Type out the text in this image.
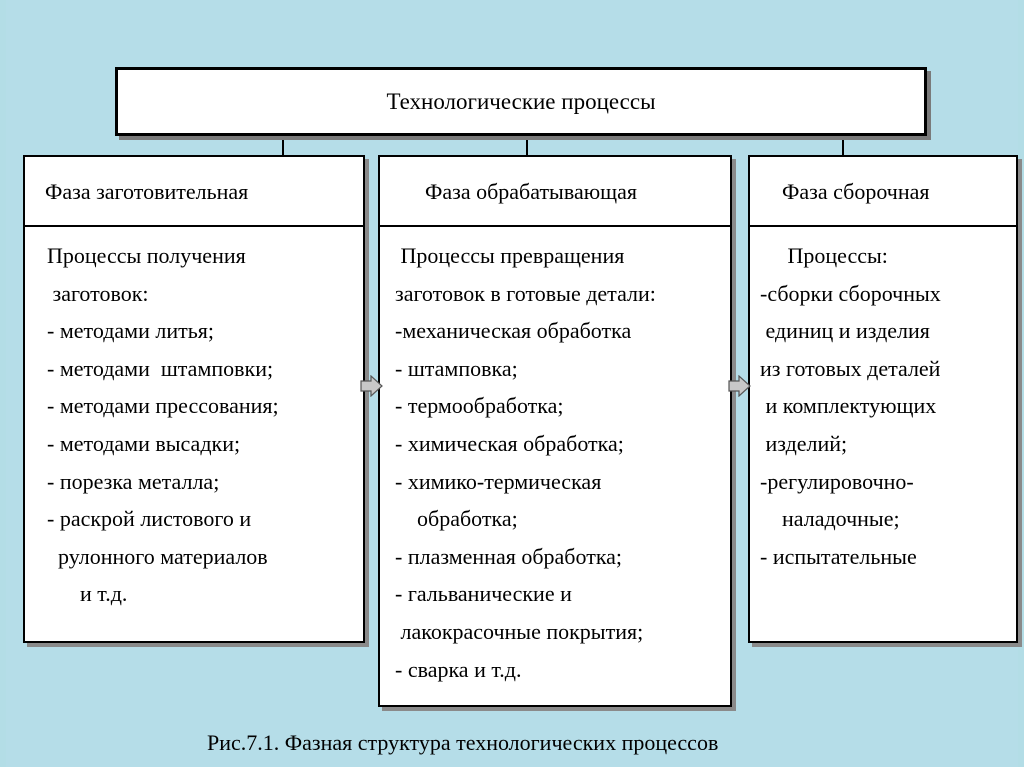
Технологические процессы
Фаза заготовительная
Процессы получения
заготовок:
- методами литья;
- методами  штамповки;
- методами прессования;
- методами высадки;
- порезка металла;
- раскрой листового и
рулонного материалов
и т.д.
Фаза обрабатывающая
Процессы превращения
заготовок в готовые детали:
-механическая обработка
- штамповка;
- термообработка;
- химическая обработка;
- химико-термическая
обработка;
- плазменная обработка;
- гальванические и
лакокрасочные покрытия;
- сварка и т.д.
Фаза сборочная
Процессы:
-сборки сборочных
единиц и изделия
из готовых деталей
и комплектующих
изделий;
-регулировочно-
наладочные;
- испытательные
Рис.7.1. Фазная структура технологических процессов
